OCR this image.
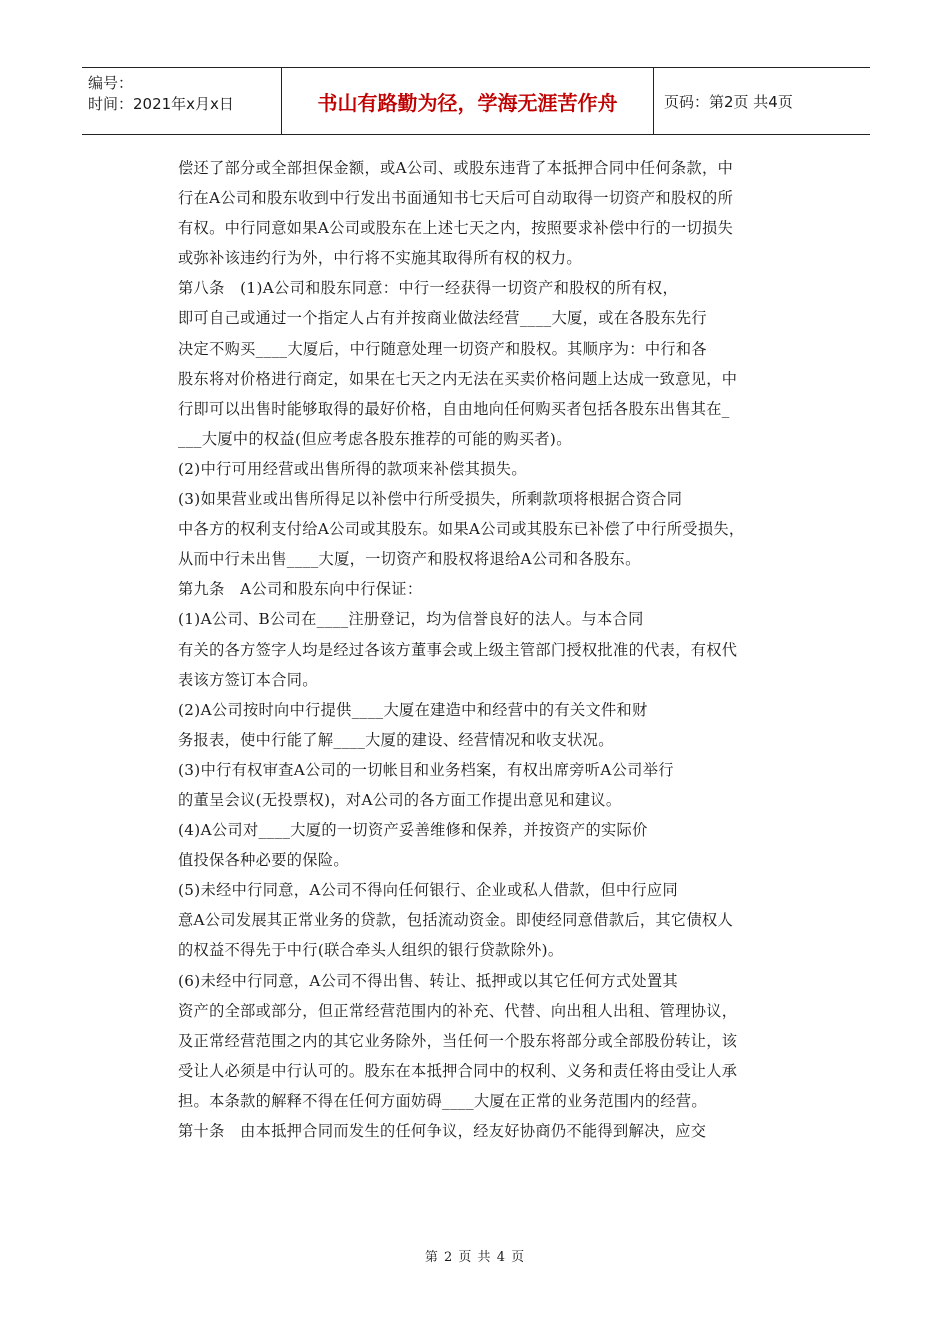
编号：
时间：2021年x月x日	书山有路勤为径，学海无涯苦作舟	页码：第2页 共4页
偿还了部分或全部担保金额，或A公司、或股东违背了本抵押合同中任何条款，中
行在A公司和股东收到中行发出书面通知书七天后可自动取得一切资产和股权的所
有权。中行同意如果A公司或股东在上述七天之内，按照要求补偿中行的一切损失
或弥补该违约行为外，中行将不实施其取得所有权的权力。
第八条　(1)A公司和股东同意：中行一经获得一切资产和股权的所有权，
即可自己或通过一个指定人占有并按商业做法经营____大厦，或在各股东先行
决定不购买____大厦后，中行随意处理一切资产和股权。其顺序为：中行和各
股东将对价格进行商定，如果在七天之内无法在买卖价格问题上达成一致意见，中
行即可以出售时能够取得的最好价格，自由地向任何购买者包括各股东出售其在_
___大厦中的权益(但应考虑各股东推荐的可能的购买者)。
(2)中行可用经营或出售所得的款项来补偿其损失。
(3)如果营业或出售所得足以补偿中行所受损失，所剩款项将根据合资合同
中各方的权利支付给A公司或其股东。如果A公司或其股东已补偿了中行所受损失，
从而中行未出售____大厦，一切资产和股权将退给A公司和各股东。
第九条　A公司和股东向中行保证：
(1)A公司、B公司在____注册登记，均为信誉良好的法人。与本合同
有关的各方签字人均是经过各该方董事会或上级主管部门授权批准的代表，有权代
表该方签订本合同。
(2)A公司按时向中行提供____大厦在建造中和经营中的有关文件和财
务报表，使中行能了解____大厦的建设、经营情况和收支状况。
(3)中行有权审查A公司的一切帐目和业务档案，有权出席旁听A公司举行
的董呈会议(无投票权)，对A公司的各方面工作提出意见和建议。
(4)A公司对____大厦的一切资产妥善维修和保养，并按资产的实际价
值投保各种必要的保险。
(5)未经中行同意，A公司不得向任何银行、企业或私人借款，但中行应同
意A公司发展其正常业务的贷款，包括流动资金。即使经同意借款后，其它债权人
的权益不得先于中行(联合牵头人组织的银行贷款除外)。
(6)未经中行同意，A公司不得出售、转让、抵押或以其它任何方式处置其
资产的全部或部分，但正常经营范围内的补充、代替、向出租人出租、管理协议，
及正常经营范围之内的其它业务除外，当任何一个股东将部分或全部股份转让，该
受让人必须是中行认可的。股东在本抵押合同中的权利、义务和责任将由受让人承
担。本条款的解释不得在任何方面妨碍____大厦在正常的业务范围内的经营。
第十条　由本抵押合同而发生的任何争议，经友好协商仍不能得到解决，应交
第 2 页 共 4 页
